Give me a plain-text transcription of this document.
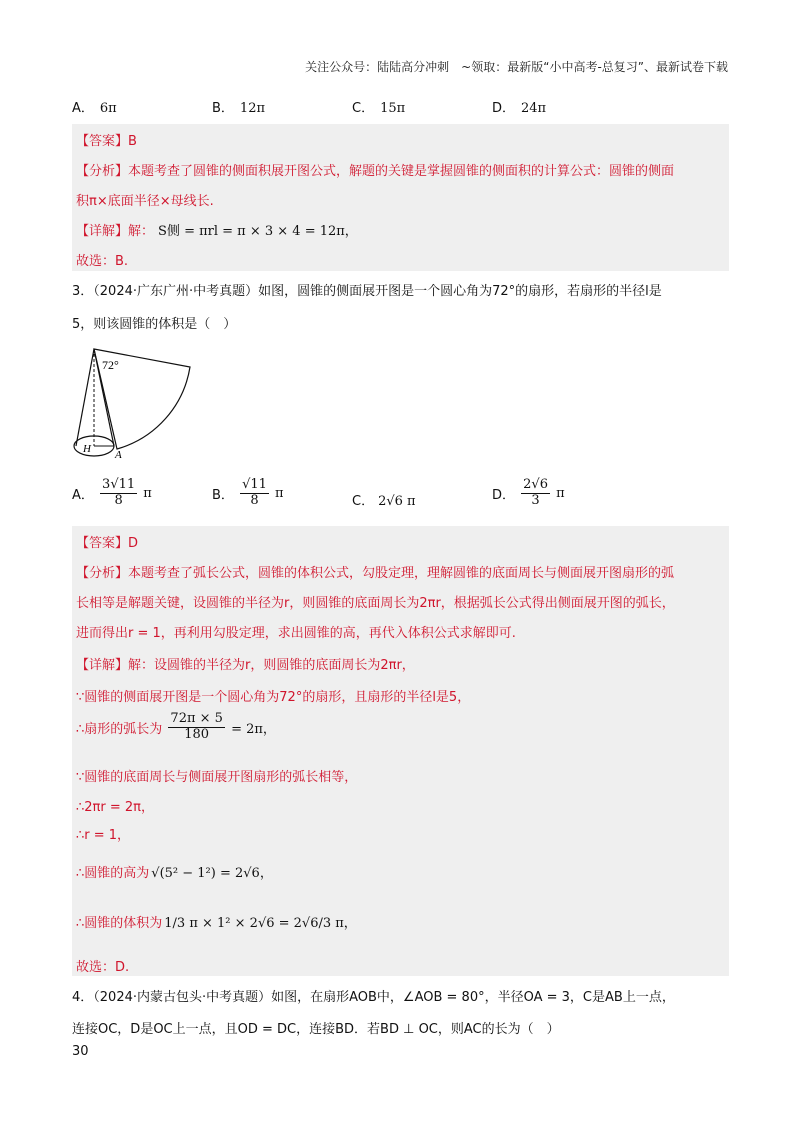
关注公众号：陆陆高分冲刺　~领取：最新版“小中高考-总复习”、最新试卷下载
A． 6π	B． 12π	C． 15π	D． 24π
【答案】B
【分析】本题考查了圆锥的侧面积展开图公式，解题的关键是掌握圆锥的侧面积的计算公式：圆锥的侧面
积π×底面半径×母线长.
【详解】解： S侧 = πrl = π × 3 × 4 = 12π，
故选：B.
3．（2024·广东广州·中考真题）如图，圆锥的侧面展开图是一个圆心角为72°的扇形，若扇形的半径l是
5，则该圆锥的体积是（　）
72°
H A
A． $\frac{3√11}{8}$ π	B． $\frac{√11}{8}$ π
C． 2√6 π	D． $\frac{2√6}{3}$ π
【答案】D
【分析】本题考查了弧长公式，圆锥的体积公式，勾股定理，理解圆锥的底面周长与侧面展开图扇形的弧
长相等是解题关键，设圆锥的半径为r，则圆锥的底面周长为2πr，根据弧长公式得出侧面展开图的弧长，
进而得出r = 1，再利用勾股定理，求出圆锥的高，再代入体积公式求解即可.
【详解】解：设圆锥的半径为r，则圆锥的底面周长为2πr，
∵圆锥的侧面展开图是一个圆心角为72°的扇形，且扇形的半径l是5，
∴扇形的弧长为 $\frac{72\pi \times 5}{180} = 2\pi$，
∵圆锥的底面周长与侧面展开图扇形的弧长相等，
∴2πr = 2π，
∴r = 1，
∴圆锥的高为 √(5² − 1²) = 2√6，
∴圆锥的体积为 1/3 π × 1² × 2√6 = 2√6/3 π，
故选：D.
4．（2024·内蒙古包头·中考真题）如图，在扇形AOB中，∠AOB = 80°，半径OA = 3，C是AB上一点，
连接OC，D是OC上一点，且OD = DC，连接BD．若BD ⊥ OC，则AC的长为（　）
30
